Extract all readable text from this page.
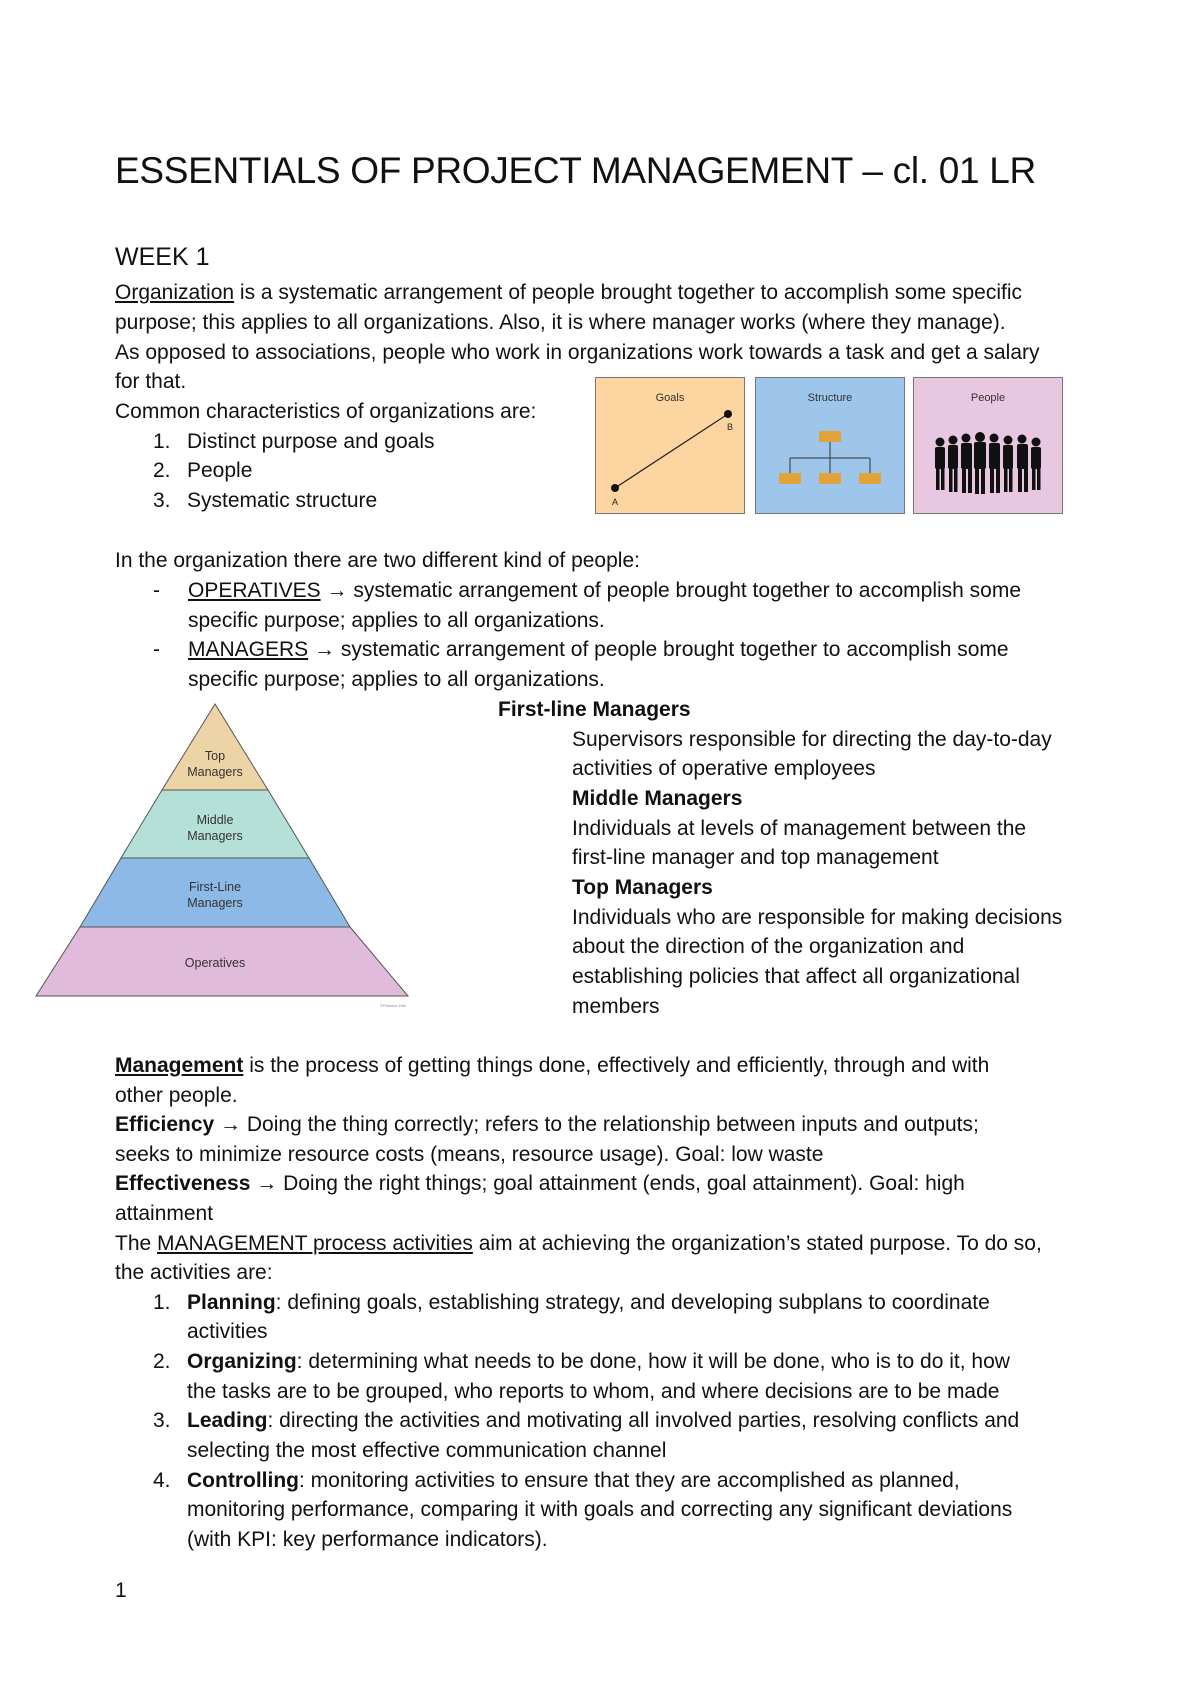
ESSENTIALS OF PROJECT MANAGEMENT – cl. 01 LR
WEEK 1
Organization is a systematic arrangement of people brought together to accomplish some specific
purpose; this applies to all organizations. Also, it is where manager works (where they manage).
As opposed to associations, people who work in organizations work towards a task and get a salary
for that.
Common characteristics of organizations are:
1. Distinct purpose and goals
2. People
3. Systematic structure
Goals
A
B
Structure	People
In the organization there are two different kind of people:
- OPERATIVES → systematic arrangement of people brought together to accomplish some
specific purpose; applies to all organizations.
- MANAGERS → systematic arrangement of people brought together to accomplish some
specific purpose; applies to all organizations.
Top
Managers
Middle
Managers
First-Line
Managers
Operatives
©Prentice Hall
First-line Managers
Supervisors responsible for directing the day-to-day
activities of operative employees
Middle Managers
Individuals at levels of management between the
first-line manager and top management
Top Managers
Individuals who are responsible for making decisions
about the direction of the organization and
establishing policies that affect all organizational
members
Management is the process of getting things done, effectively and efficiently, through and with
other people.
Efficiency → Doing the thing correctly; refers to the relationship between inputs and outputs;
seeks to minimize resource costs (means, resource usage). Goal: low waste
Effectiveness → Doing the right things; goal attainment (ends, goal attainment). Goal: high
attainment
The MANAGEMENT process activities aim at achieving the organization’s stated purpose. To do so,
the activities are:
1. Planning: defining goals, establishing strategy, and developing subplans to coordinate
activities
2. Organizing: determining what needs to be done, how it will be done, who is to do it, how
the tasks are to be grouped, who reports to whom, and where decisions are to be made
3. Leading: directing the activities and motivating all involved parties, resolving conflicts and
selecting the most effective communication channel
4. Controlling: monitoring activities to ensure that they are accomplished as planned,
monitoring performance, comparing it with goals and correcting any significant deviations
(with KPI: key performance indicators).
1
